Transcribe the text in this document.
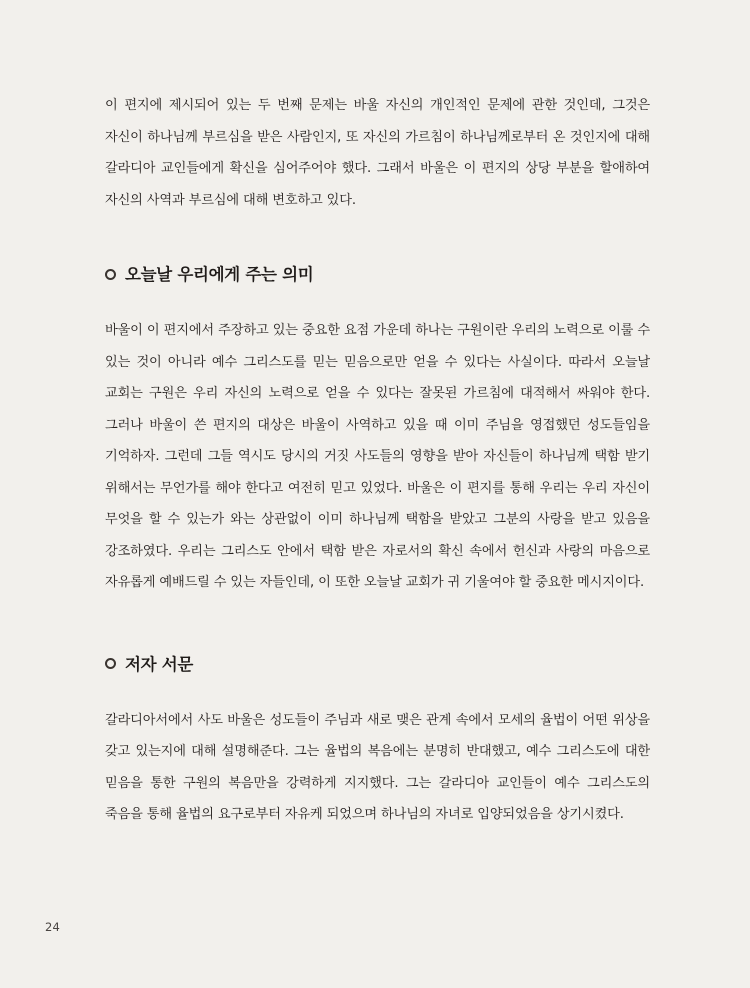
이 편지에 제시되어 있는 두 번째 문제는 바울 자신의 개인적인 문제에 관한 것인데, 그것은 자신이 하나님께 부르심을 받은 사람인지, 또 자신의 가르침이 하나님께로부터 온 것인지에 대해 갈라디아 교인들에게 확신을 심어주어야 했다. 그래서 바울은 이 편지의 상당 부분을 할애하여 자신의 사역과 부르심에 대해 변호하고 있다.

오늘날 우리에게 주는 의미

바울이 이 편지에서 주장하고 있는 중요한 요점 가운데 하나는 구원이란 우리의 노력으로 이룰 수 있는 것이 아니라 예수 그리스도를 믿는 믿음으로만 얻을 수 있다는 사실이다. 따라서 오늘날 교회는 구원은 우리 자신의 노력으로 얻을 수 있다는 잘못된 가르침에 대적해서 싸워야 한다. 그러나 바울이 쓴 편지의 대상은 바울이 사역하고 있을 때 이미 주님을 영접했던 성도들임을 기억하자. 그런데 그들 역시도 당시의 거짓 사도들의 영향을 받아 자신들이 하나님께 택함 받기 위해서는 무언가를 해야 한다고 여전히 믿고 있었다. 바울은 이 편지를 통해 우리는 우리 자신이 무엇을 할 수 있는가 와는 상관없이 이미 하나님께 택함을 받았고 그분의 사랑을 받고 있음을 강조하였다. 우리는 그리스도 안에서 택함 받은 자로서의 확신 속에서 헌신과 사랑의 마음으로 자유롭게 예배드릴 수 있는 자들인데, 이 또한 오늘날 교회가 귀 기울여야 할 중요한 메시지이다.

저자 서문

갈라디아서에서 사도 바울은 성도들이 주님과 새로 맺은 관계 속에서 모세의 율법이 어떤 위상을 갖고 있는지에 대해 설명해준다. 그는 율법의 복음에는 분명히 반대했고, 예수 그리스도에 대한 믿음을 통한 구원의 복음만을 강력하게 지지했다. 그는 갈라디아 교인들이 예수 그리스도의 죽음을 통해 율법의 요구로부터 자유케 되었으며 하나님의 자녀로 입양되었음을 상기시켰다.

24
